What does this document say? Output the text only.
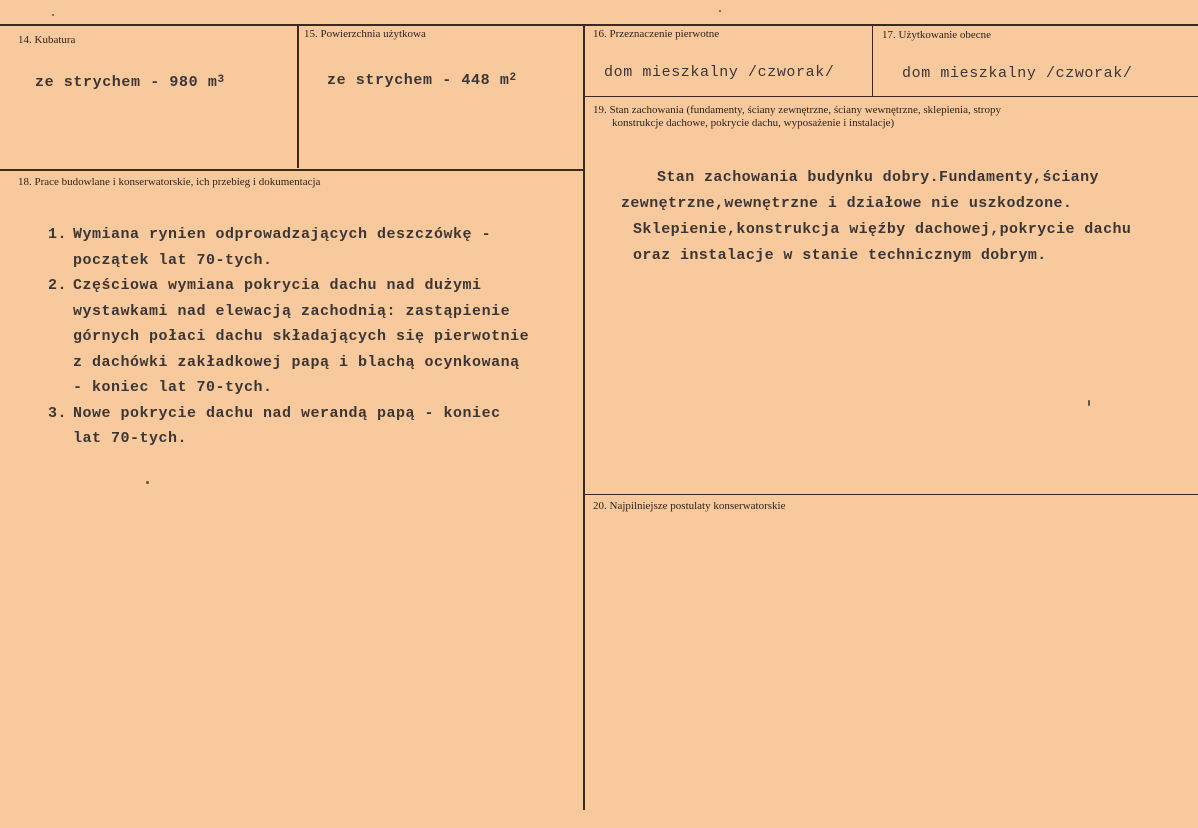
14. Kubatura
ze strychem - 980 $m^3$
15. Powierzchnia użytkowa
ze strychem - 448 $m^2$
16. Przeznaczenie pierwotne
dom mieszkalny /czworak/
17. Użytkowanie obecne
dom mieszkalny /czworak/
19. Stan zachowania (fundamenty, ściany zewnętrzne, ściany wewnętrzne, sklepienia, stropy
konstrukcje dachowe, pokrycie dachu, wyposażenie i instalacje)
Stan zachowania budynku dobry.Fundamenty,ściany
zewnętrzne,wewnętrzne i działowe nie uszkodzone.
Sklepienie,konstrukcja więźby dachowej,pokrycie dachu
oraz instalacje w stanie technicznym dobrym.
18. Prace budowlane i konserwatorskie, ich przebieg i dokumentacja
1. Wymiana rynien odprowadzających deszczówkę -
początek lat 70-tych.
2. Częściowa wymiana pokrycia dachu nad dużymi
wystawkami nad elewacją zachodnią: zastąpienie
górnych połaci dachu składających się pierwotnie
z dachówki zakładkowej papą i blachą ocynkowaną
- koniec lat 70-tych.
3. Nowe pokrycie dachu nad werandą papą - koniec
lat 70-tych.
20. Najpilniejsze postulaty konserwatorskie
